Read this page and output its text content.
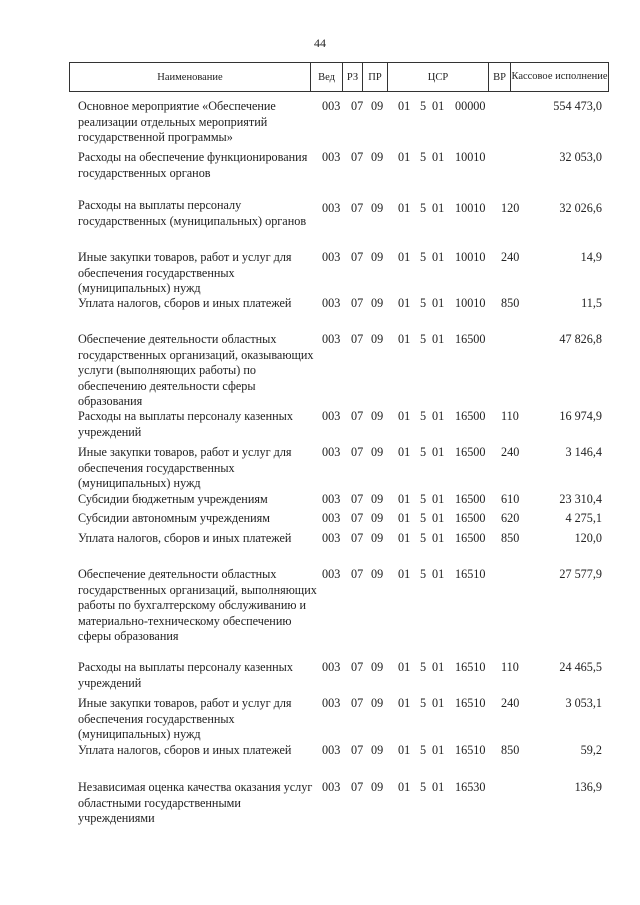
44
Наименование	Вед	РЗ ПР	ЦСР	ВР Кассовое исполнение
Основное мероприятие «Обеспечение реализации отдельных мероприятий государственной программы»
003 07 09 01 5 01 00000	554 473,0
Расходы на обеспечение функционирования государственных органов
003 07 09 01 5 01 10010	32 053,0
Расходы на выплаты персоналу государственных (муниципальных) органов
003 07 09 01 5 01 10010 120	32 026,6
Иные закупки товаров, работ и услуг для обеспечения государственных (муниципальных) нужд
003 07 09 01 5 01 10010 240	14,9
Уплата налогов, сборов и иных платежей	003 07 09 01 5 01 10010 850	11,5
Обеспечение деятельности областных государственных организаций, оказывающих услуги (выполняющих работы) по обеспечению деятельности сферы образования
003 07 09 01 5 01 16500	47 826,8
Расходы на выплаты персоналу казенных учреждений
003 07 09 01 5 01 16500 110	16 974,9
Иные закупки товаров, работ и услуг для обеспечения государственных (муниципальных) нужд
003 07 09 01 5 01 16500 240	3 146,4
Субсидии бюджетным учреждениям	003 07 09 01 5 01 16500 610	23 310,4
Субсидии автономным учреждениям	003 07 09 01 5 01 16500 620	4 275,1
Уплата налогов, сборов и иных платежей	003 07 09 01 5 01 16500 850	120,0
Обеспечение деятельности областных государственных организаций, выполняющих работы по бухгалтерскому обслуживанию и материально-техническому обеспечению сферы образования
003 07 09 01 5 01 16510	27 577,9
Расходы на выплаты персоналу казенных учреждений
003 07 09 01 5 01 16510 110	24 465,5
Иные закупки товаров, работ и услуг для обеспечения государственных (муниципальных) нужд
003 07 09 01 5 01 16510 240	3 053,1
Уплата налогов, сборов и иных платежей	003 07 09 01 5 01 16510 850	59,2
Независимая оценка качества оказания услуг областными государственными учреждениями
003 07 09 01 5 01 16530	136,9
